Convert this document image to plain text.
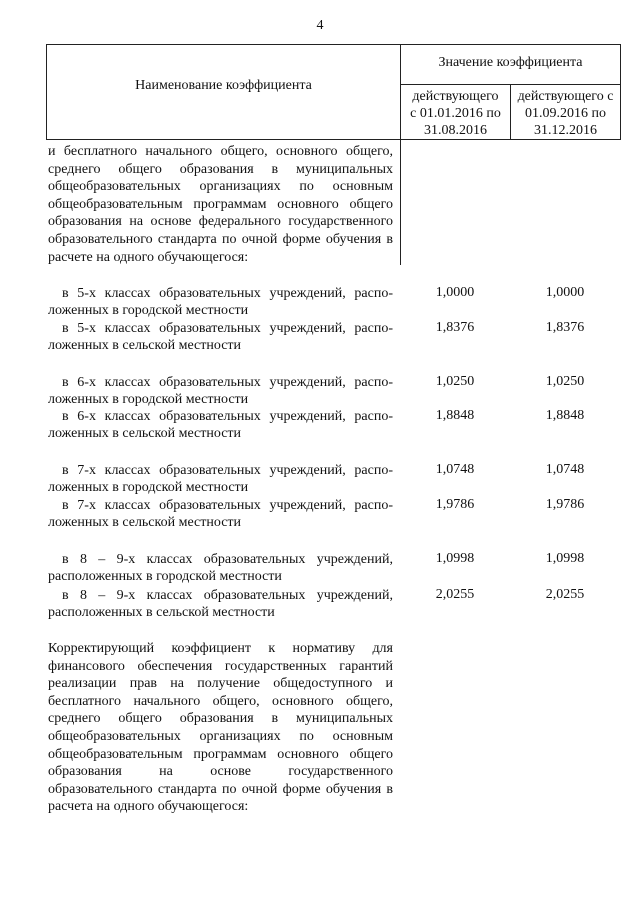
4
Наименование коэффициента
Значение коэффициента
действующего
с 01.01.2016 по
31.08.2016
действующего с
01.09.2016 по
31.12.2016
и бесплатного начального общего, основного общего, среднего общего образования в муниципальных общеобразовательных организациях по основным общеобразовательным программам основного общего образования на основе федерального государственного образовательного стандарта по очной форме обучения в расчете на одного обучающегося:
в 5-х классах образовательных учреждений, распо-
ложенных в городской местности
1,0000	1,0000
в 5-х классах образовательных учреждений, распо-
ложенных в сельской местности
1,8376	1,8376
в 6-х классах образовательных учреждений, распо-
ложенных в городской местности
1,0250	1,0250
в 6-х классах образовательных учреждений, распо-
ложенных в сельской местности
1,8848	1,8848
в 7-х классах образовательных учреждений, распо-
ложенных в городской местности
1,0748	1,0748
в 7-х классах образовательных учреждений, распо-
ложенных в сельской местности
1,9786	1,9786
в 8 – 9-х классах образовательных учреждений,
расположенных в городской местности
1,0998	1,0998
в 8 – 9-х классах образовательных учреждений,
расположенных в сельской местности
2,0255	2,0255
Корректирующий коэффициент к нормативу для финансового обеспечения государственных гарантий реализации прав на получение общедоступного и бесплатного начального общего, основного общего, среднего общего образования в муниципальных общеобразовательных организациях по основным общеобразовательным программам основного общего образования на основе государственного образовательного стандарта по очной форме обучения в расчета на одного обучающегося:
